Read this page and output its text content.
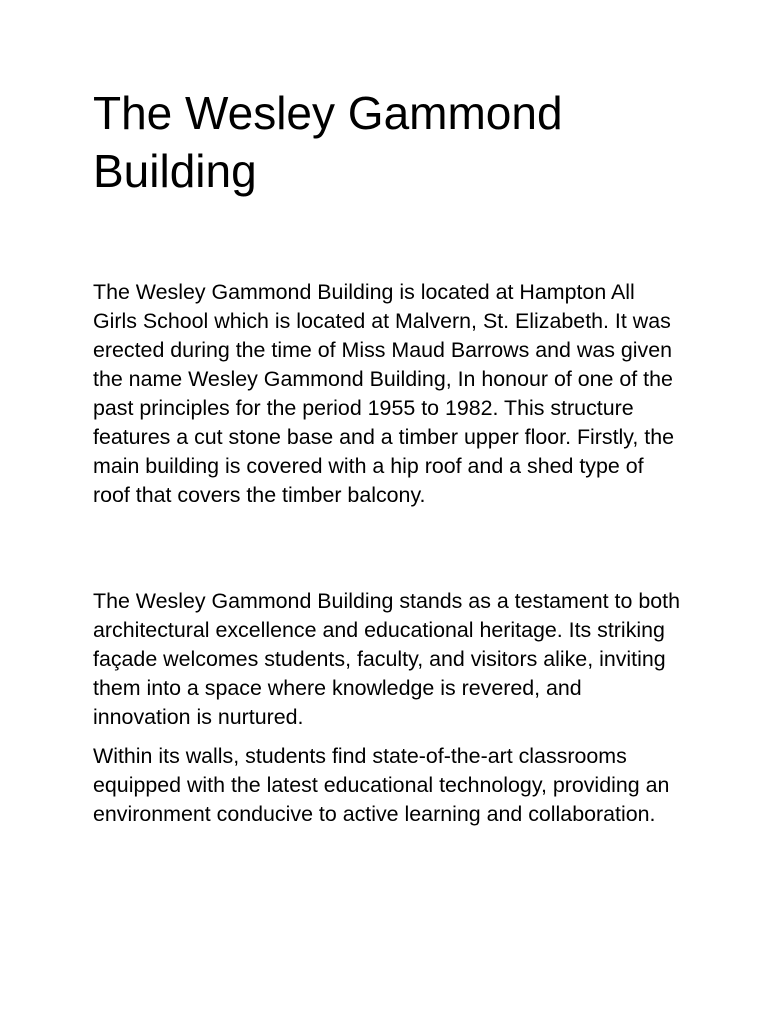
The Wesley Gammond Building

The Wesley Gammond Building is located at Hampton All Girls School which is located at Malvern, St. Elizabeth. It was erected during the time of Miss Maud Barrows and was given the name Wesley Gammond Building, In honour of one of the past principles for the period 1955 to 1982. This structure features a cut stone base and a timber upper floor. Firstly, the main building is covered with a hip roof and a shed type of roof that covers the timber balcony.

The Wesley Gammond Building stands as a testament to both architectural excellence and educational heritage. Its striking façade welcomes students, faculty, and visitors alike, inviting them into a space where knowledge is revered, and innovation is nurtured.

Within its walls, students find state-of-the-art classrooms equipped with the latest educational technology, providing an environment conducive to active learning and collaboration.
